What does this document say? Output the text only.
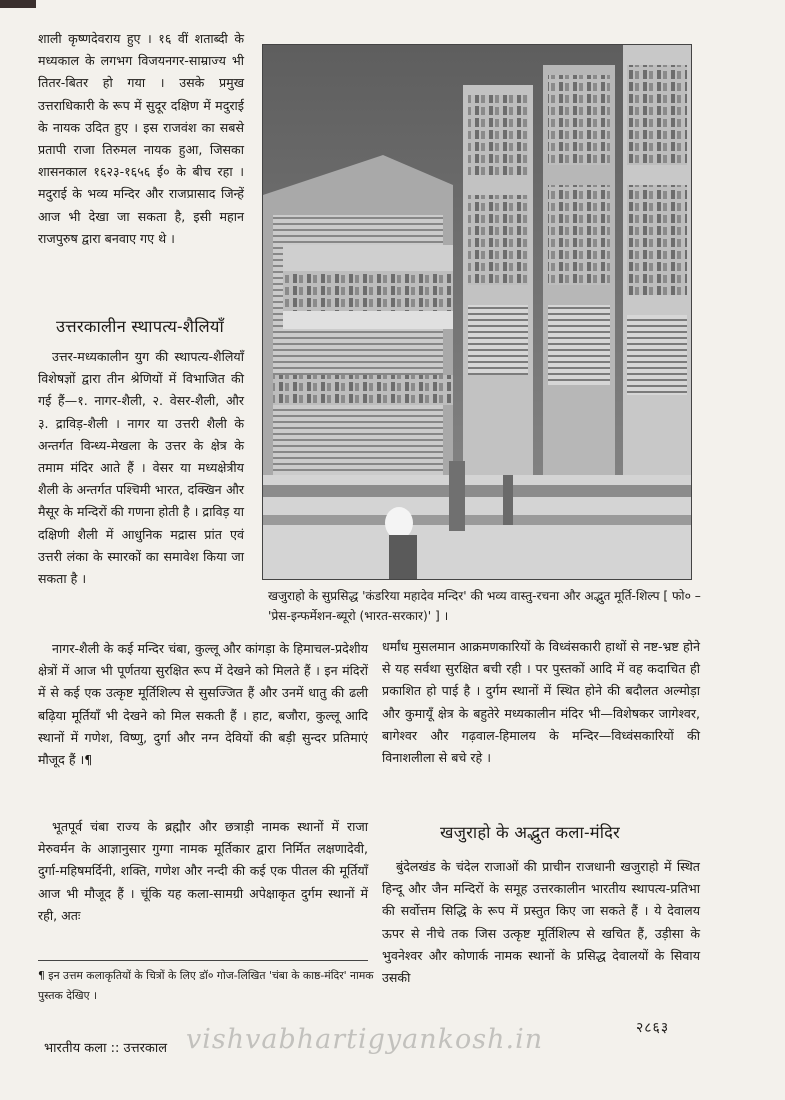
शाली कृष्णदेवराय हुए । १६ वीं शताब्दी के मध्यकाल के लगभग विजयनगर-साम्राज्य भी तितर-बितर हो गया । उसके प्रमुख उत्तराधिकारी के रूप में सुदूर दक्षिण में मदुराई के नायक उदित हुए । इस राजवंश का सबसे प्रतापी राजा तिरुमल नायक हुआ, जिसका शासनकाल १६२३-१६५६ ई० के बीच रहा । मदुराई के भव्य मन्दिर और राजप्रासाद जिन्हें आज भी देखा जा सकता है, इसी महान राजपुरुष द्वारा बनवाए गए थे ।

उत्तरकालीन स्थापत्य-शैलियाँ

उत्तर-मध्यकालीन युग की स्थापत्य-शैलियाँ विशेषज्ञों द्वारा तीन श्रेणियों में विभाजित की गई हैं—१. नागर-शैली, २. वेसर-शैली, और ३. द्राविड़-शैली । नागर या उत्तरी शैली के अन्तर्गत विन्ध्य-मेखला के उत्तर के क्षेत्र के तमाम मंदिर आते हैं । वेसर या मध्यक्षेत्रीय शैली के अन्तर्गत पश्चिमी भारत, दक्खिन और मैसूर के मन्दिरों की गणना होती है । द्राविड़ या दक्षिणी शैली में आधुनिक मद्रास प्रांत एवं उत्तरी लंका के स्मारकों का समावेश किया जा सकता है ।

खजुराहो के सुप्रसिद्ध 'कंडरिया महादेव मन्दिर' की भव्य वास्तु-रचना और अद्भुत मूर्ति-शिल्प [ फो० – 'प्रेस-इन्फर्मेशन-ब्यूरो (भारत-सरकार)' ] ।

नागर-शैली के कई मन्दिर चंबा, कुल्लू और कांगड़ा के हिमाचल-प्रदेशीय क्षेत्रों में आज भी पूर्णतया सुरक्षित रूप में देखने को मिलते हैं । इन मंदिरों में से कई एक उत्कृष्ट मूर्तिशिल्प से सुसज्जित हैं और उनमें धातु की ढली बढ़िया मूर्तियाँ भी देखने को मिल सकती हैं । हाट, बजौरा, कुल्लू आदि स्थानों में गणेश, विष्णु, दुर्गा और नग्न देवियों की बड़ी सुन्दर प्रतिमाएं मौजूद हैं ।¶

भूतपूर्व चंबा राज्य के ब्रह्मौर और छत्राड़ी नामक स्थानों में राजा मेरुवर्मन के आज्ञानुसार गुग्गा नामक मूर्तिकार द्वारा निर्मित लक्षणादेवी, दुर्गा-महिषमर्दिनी, शक्ति, गणेश और नन्दी की कई एक पीतल की मूर्तियाँ आज भी मौजूद हैं । चूंकि यह कला-सामग्री अपेक्षाकृत दुर्गम स्थानों में रही, अतः

¶ इन उत्तम कलाकृतियों के चित्रों के लिए डॉ० गोज-लिखित 'चंबा के काष्ठ-मंदिर' नामक पुस्तक देखिए ।

धर्मांध मुसलमान आक्रमणकारियों के विध्वंसकारी हाथों से नष्ट-भ्रष्ट होने से यह सर्वथा सुरक्षित बची रही । पर पुस्तकों आदि में वह कदाचित ही प्रकाशित हो पाई है । दुर्गम स्थानों में स्थित होने की बदौलत अल्मोड़ा और कुमायूँ क्षेत्र के बहुतेरे मध्यकालीन मंदिर भी—विशेषकर जागेश्वर, बागेश्वर और गढ़वाल-हिमालय के मन्दिर—विध्वंसकारियों की विनाशलीला से बचे रहे ।

खजुराहो के अद्भुत कला-मंदिर

बुंदेलखंड के चंदेल राजाओं की प्राचीन राजधानी खजुराहो में स्थित हिन्दू और जैन मन्दिरों के समूह उत्तरकालीन भारतीय स्थापत्य-प्रतिभा की सर्वोत्तम सिद्धि के रूप में प्रस्तुत किए जा सकते हैं । ये देवालय ऊपर से नीचे तक जिस उत्कृष्ट मूर्तिशिल्प से खचित हैं, उड़ीसा के भुवनेश्वर और कोणार्क नामक स्थानों के प्रसिद्ध देवालयों के सिवाय उसकी

भारतीय कला :: उत्तरकाल vishvabhartigyankosh.in	२८६३
